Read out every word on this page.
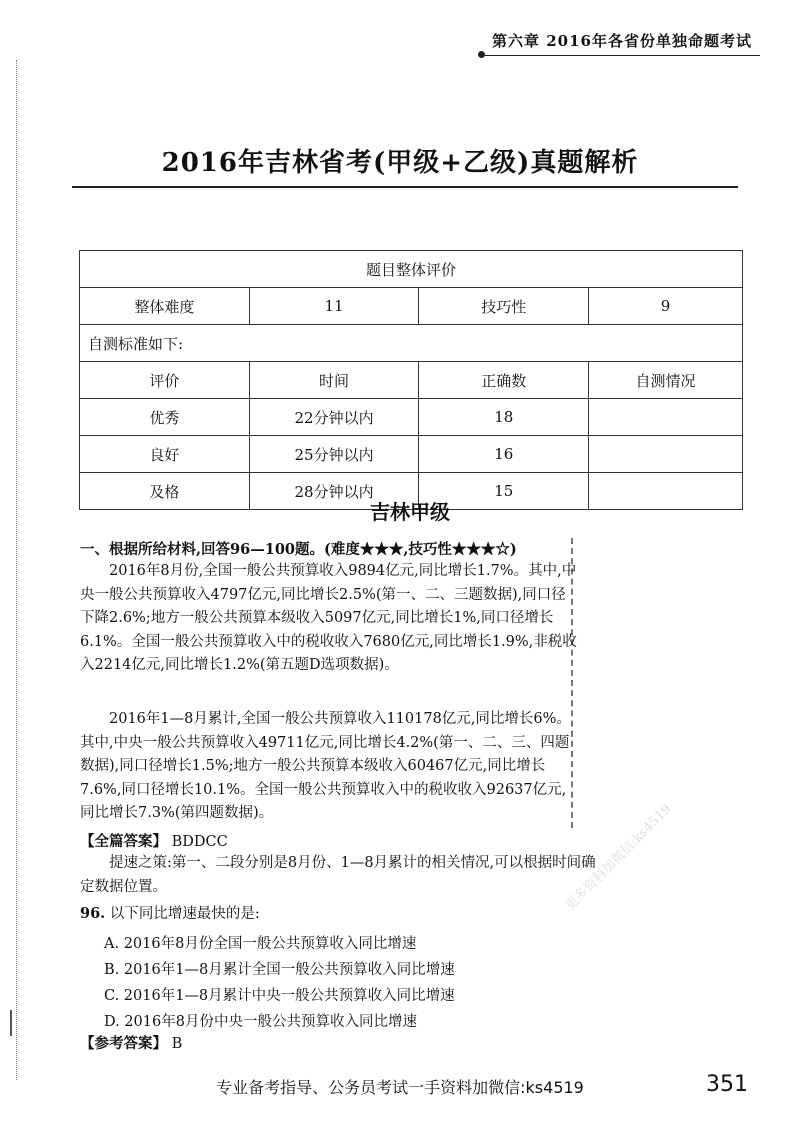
第六章 2016年各省份单独命题考试
2016年吉林省考(甲级+乙级)真题解析
题目整体评价			
整体难度	11	技巧性	9
自测标准如下:			
评价	时间	正确数	自测情况
优秀	22分钟以内	18	
良好	25分钟以内	16	
及格	28分钟以内	15	
吉林甲级
一、根据所给材料,回答96—100题。(难度★★★,技巧性★★★☆)
2016年8月份,全国一般公共预算收入9894亿元,同比增长1.7%。其中,中央一般公共预算收入4797亿元,同比增长2.5%(第一、二、三题数据),同口径下降2.6%;地方一般公共预算本级收入5097亿元,同比增长1%,同口径增长6.1%。全国一般公共预算收入中的税收收入7680亿元,同比增长1.9%,非税收入2214亿元,同比增长1.2%(第五题D选项数据)。
2016年1—8月累计,全国一般公共预算收入110178亿元,同比增长6%。其中,中央一般公共预算收入49711亿元,同比增长4.2%(第一、二、三、四题数据),同口径增长1.5%;地方一般公共预算本级收入60467亿元,同比增长7.6%,同口径增长10.1%。全国一般公共预算收入中的税收收入92637亿元,同比增长7.3%(第四题数据)。
【全篇答案】 BDDCC
提速之策:第一、二段分别是8月份、1—8月累计的相关情况,可以根据时间确定数据位置。
96. 以下同比增速最快的是:
A. 2016年8月份全国一般公共预算收入同比增速
B. 2016年1—8月累计全国一般公共预算收入同比增速
C. 2016年1—8月累计中央一般公共预算收入同比增速
D. 2016年8月份中央一般公共预算收入同比增速
【参考答案】 B
更多资料加微信:ks4519
专业备考指导、公务员考试一手资料加微信:ks4519	351
